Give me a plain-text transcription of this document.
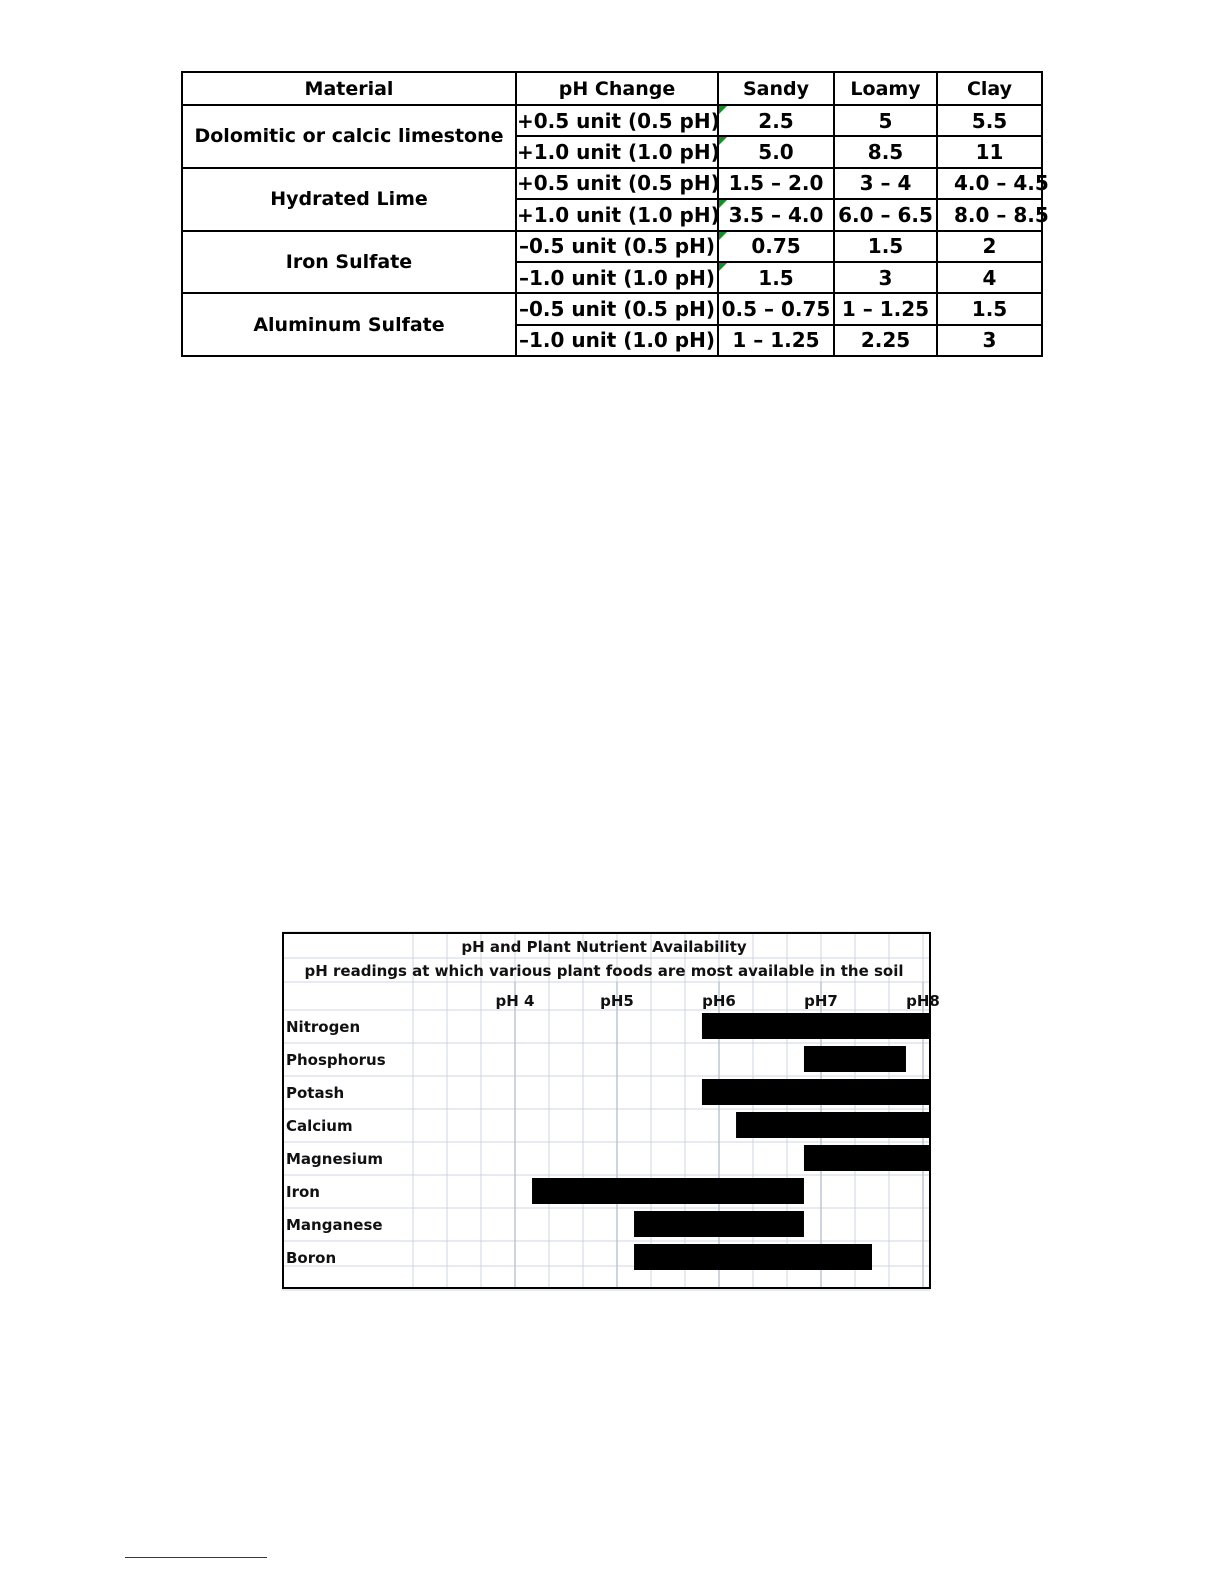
Material	pH Change	Sandy	Loamy	Clay
Dolomitic or calcic limestone	+0.5 unit (0.5 pH)	2.5	5	5.5
	+1.0 unit (1.0 pH)	5.0	8.5	11
Hydrated Lime	+0.5 unit (0.5 pH)	1.5 – 2.0	3 – 4	4.0 – 4.5
	+1.0 unit (1.0 pH)	3.5 – 4.0	6.0 – 6.5	8.0 – 8.5
Iron Sulfate	–0.5 unit (0.5 pH)	0.75	1.5	2
	–1.0 unit (1.0 pH)	1.5	3	4
Aluminum Sulfate	–0.5 unit (0.5 pH)	0.5 – 0.75	1 – 1.25	1.5
	–1.0 unit (1.0 pH)	1 – 1.25	2.25	3
pH and Plant Nutrient Availability
pH readings at which various plant foods are most available in the soil
pH 4	pH5	pH6	pH7	pH8
Nitrogen
Phosphorus
Potash
Calcium
Magnesium
Iron
Manganese
Boron
